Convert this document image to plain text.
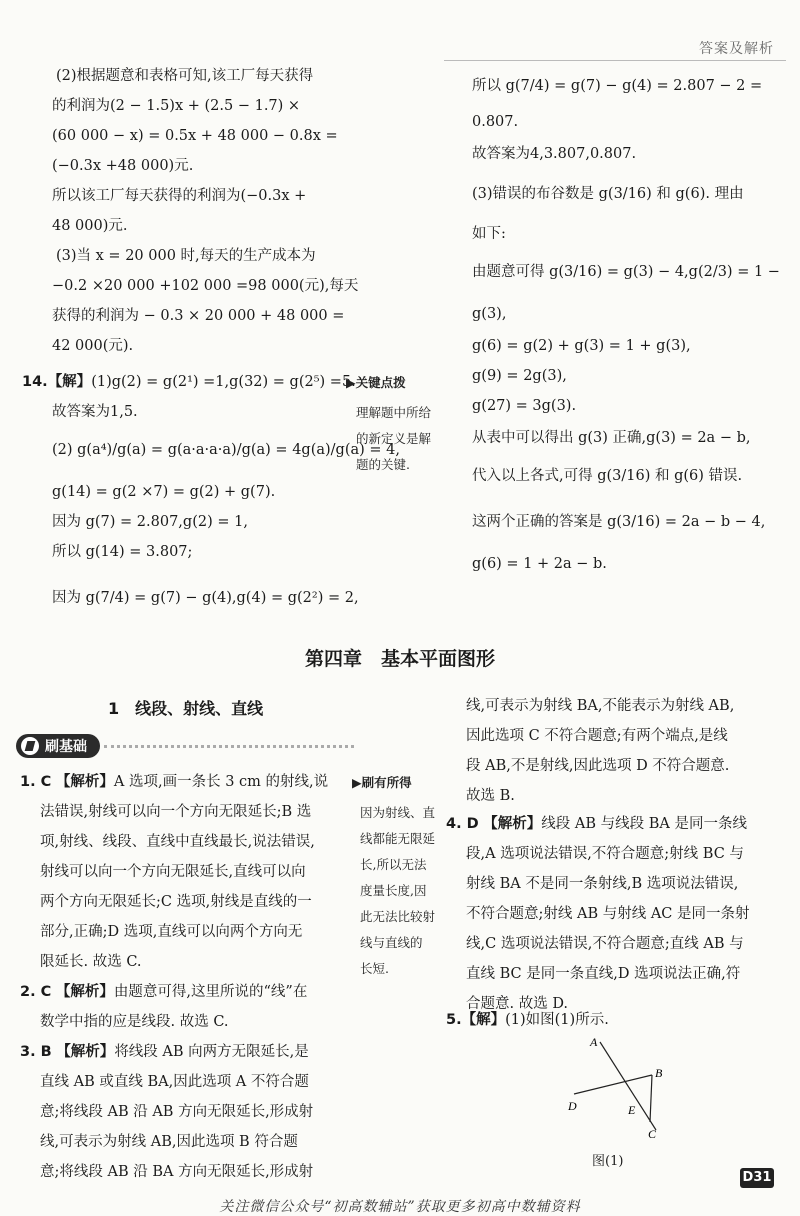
答案及解析
(2)根据题意和表格可知,该工厂每天获得
的利润为(2 − 1.5)x + (2.5 − 1.7) ×
(60 000 − x) = 0.5x + 48 000 − 0.8x =
(−0.3x +48 000)元.
所以该工厂每天获得的利润为(−0.3x +
48 000)元.
(3)当 x = 20 000 时,每天的生产成本为
−0.2 ×20 000 +102 000 =98 000(元),每天
获得的利润为 − 0.3 × 20 000 + 48 000 =
42 000(元).
14.【解】(1)g(2) = g(2¹) =1,g(32) = g(2⁵) =5.
故答案为1,5.
(2) g(a⁴)/g(a) = g(a·a·a·a)/g(a) = 4g(a)/g(a) = 4,
g(14) = g(2 ×7) = g(2) + g(7).
因为 g(7) = 2.807,g(2) = 1,
所以 g(14) = 3.807;
因为 g(7/4) = g(7) − g(4),g(4) = g(2²) = 2,
▶关键点拨
理解题中所给
的新定义是解
题的关键.
所以 g(7/4) = g(7) − g(4) = 2.807 − 2 =
0.807.
故答案为4,3.807,0.807.
(3)错误的布谷数是 g(3/16) 和 g(6). 理由
如下:
由题意可得 g(3/16) = g(3) − 4,g(2/3) = 1 −
g(3),
g(6) = g(2) + g(3) = 1 + g(3),
g(9) = 2g(3),
g(27) = 3g(3).
从表中可以得出 g(3) 正确,g(3) = 2a − b,
代入以上各式,可得 g(3/16) 和 g(6) 错误.
这两个正确的答案是 g(3/16) = 2a − b − 4,
g(6) = 1 + 2a − b.
第四章　基本平面图形
1　线段、射线、直线
刷基础
1. C 【解析】A 选项,画一条长 3 cm 的射线,说
法错误,射线可以向一个方向无限延长;B 选
项,射线、线段、直线中直线最长,说法错误,
射线可以向一个方向无限延长,直线可以向
两个方向无限延长;C 选项,射线是直线的一
部分,正确;D 选项,直线可以向两个方向无
限延长. 故选 C.
▶刷有所得
因为射线、直
线都能无限延
长,所以无法
度量长度,因
此无法比较射
线与直线的
长短.
2. C 【解析】由题意可得,这里所说的“线”在
数学中指的应是线段. 故选 C.
3. B 【解析】将线段 AB 向两方无限延长,是
直线 AB 或直线 BA,因此选项 A 不符合题
意;将线段 AB 沿 AB 方向无限延长,形成射
线,可表示为射线 AB,因此选项 B 符合题
意;将线段 AB 沿 BA 方向无限延长,形成射
线,可表示为射线 BA,不能表示为射线 AB,
因此选项 C 不符合题意;有两个端点,是线
段 AB,不是射线,因此选项 D 不符合题意.
故选 B.
4. D 【解析】线段 AB 与线段 BA 是同一条线
段,A 选项说法错误,不符合题意;射线 BC 与
射线 BA 不是同一条射线,B 选项说法错误,
不符合题意;射线 AB 与射线 AC 是同一条射
线,C 选项说法错误,不符合题意;直线 AB 与
直线 BC 是同一条直线,D 选项说法正确,符
合题意. 故选 D.
5.【解】(1)如图(1)所示.
A
B
C
D	E
图(1)
D31
关注微信公众号“初高数辅站”获取更多初高中数辅资料
